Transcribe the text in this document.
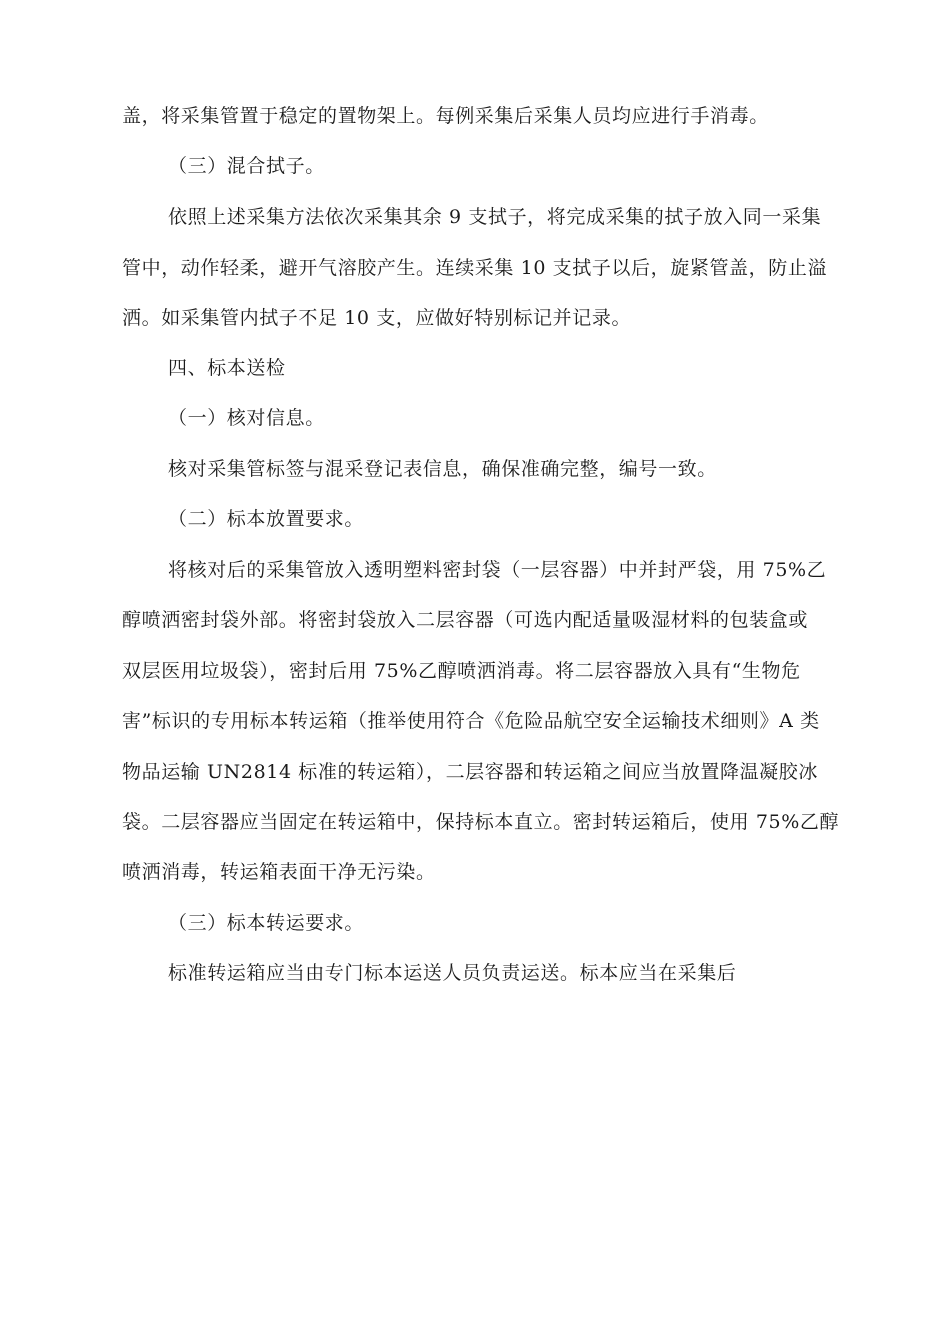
盖，将采集管置于稳定的置物架上。每例采集后采集人员均应进行手消毒。
（三）混合拭子。
依照上述采集方法依次采集其余 9 支拭子，将完成采集的拭子放入同一采集
管中，动作轻柔，避开气溶胶产生。连续采集 10 支拭子以后，旋紧管盖，防止溢
洒。如采集管内拭子不足 10 支，应做好特别标记并记录。
四、标本送检
（一）核对信息。
核对采集管标签与混采登记表信息，确保准确完整，编号一致。
（二）标本放置要求。
将核对后的采集管放入透明塑料密封袋（一层容器）中并封严袋，用 75%乙
醇喷洒密封袋外部。将密封袋放入二层容器（可选内配适量吸湿材料的包装盒或
双层医用垃圾袋），密封后用 75%乙醇喷洒消毒。将二层容器放入具有“生物危
害”标识的专用标本转运箱（推举使用符合《危险品航空安全运输技术细则》A 类
物品运输 UN2814 标准的转运箱），二层容器和转运箱之间应当放置降温凝胶冰
袋。二层容器应当固定在转运箱中，保持标本直立。密封转运箱后，使用 75%乙醇
喷洒消毒，转运箱表面干净无污染。
（三）标本转运要求。
标准转运箱应当由专门标本运送人员负责运送。标本应当在采集后
